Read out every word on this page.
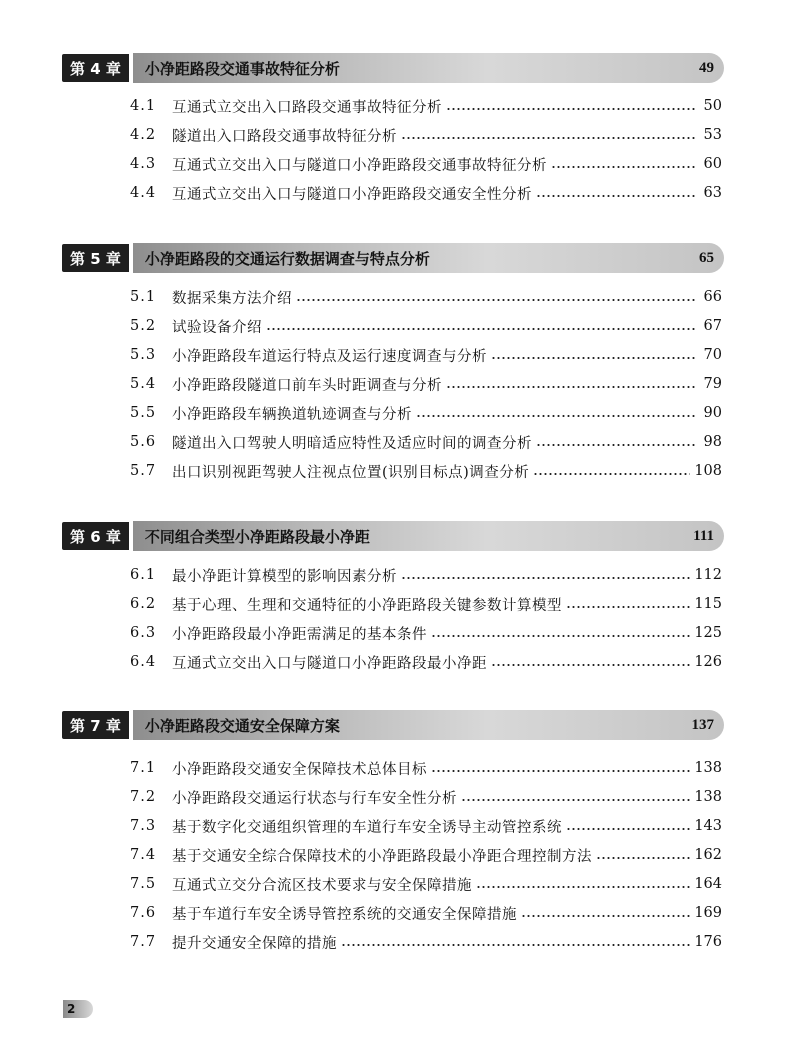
第 4 章	小净距路段交通事故特征分析	49
4.1	互通式立交出入口路段交通事故特征分析	50
4.2	隧道出入口路段交通事故特征分析	53
4.3	互通式立交出入口与隧道口小净距路段交通事故特征分析	60
4.4	互通式立交出入口与隧道口小净距路段交通安全性分析	63
第 5 章	小净距路段的交通运行数据调查与特点分析	65
5.1	数据采集方法介绍	66
5.2	试验设备介绍	67
5.3	小净距路段车道运行特点及运行速度调查与分析	70
5.4	小净距路段隧道口前车头时距调查与分析	79
5.5	小净距路段车辆换道轨迹调查与分析	90
5.6	隧道出入口驾驶人明暗适应特性及适应时间的调查分析	98
5.7	出口识别视距驾驶人注视点位置(识别目标点)调查分析	108
第 6 章	不同组合类型小净距路段最小净距	111
6.1	最小净距计算模型的影响因素分析	112
6.2	基于心理、生理和交通特征的小净距路段关键参数计算模型	115
6.3	小净距路段最小净距需满足的基本条件	125
6.4	互通式立交出入口与隧道口小净距路段最小净距	126
第 7 章	小净距路段交通安全保障方案	137
7.1	小净距路段交通安全保障技术总体目标	138
7.2	小净距路段交通运行状态与行车安全性分析	138
7.3	基于数字化交通组织管理的车道行车安全诱导主动管控系统	143
7.4	基于交通安全综合保障技术的小净距路段最小净距合理控制方法	162
7.5	互通式立交分合流区技术要求与安全保障措施	164
7.6	基于车道行车安全诱导管控系统的交通安全保障措施	169
7.7	提升交通安全保障的措施	176
2
